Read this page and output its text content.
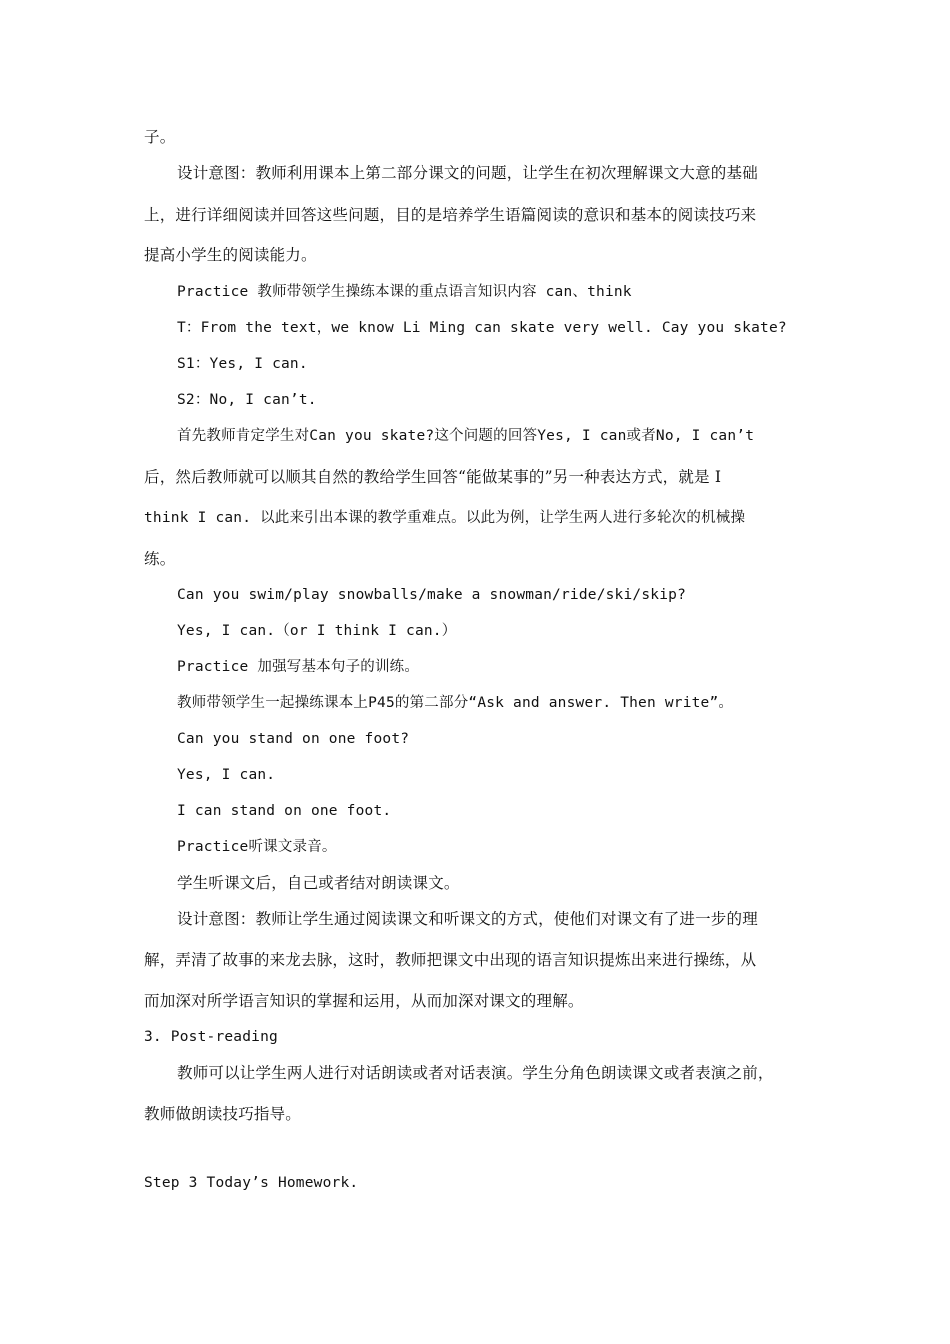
子。
设计意图：教师利用课本上第二部分课文的问题，让学生在初次理解课文大意的基础
上，进行详细阅读并回答这些问题，目的是培养学生语篇阅读的意识和基本的阅读技巧来
提高小学生的阅读能力。
Practice 教师带领学生操练本课的重点语言知识内容 can、think
T：From the text，we know Li Ming can skate very well. Cay you skate?
S1：Yes, I can.
S2：No, I can’t.
首先教师肯定学生对Can you skate?这个问题的回答Yes, I can或者No, I can’t
后，然后教师就可以顺其自然的教给学生回答“能做某事的”另一种表达方式，就是 I
think I can. 以此来引出本课的教学重难点。以此为例，让学生两人进行多轮次的机械操
练。
Can you swim/play snowballs/make a snowman/ride/ski/skip?
Yes, I can.（or I think I can.）
Practice 加强写基本句子的训练。
教师带领学生一起操练课本上P45的第二部分“Ask and answer. Then write”。
Can you stand on one foot?
Yes, I can.
I can stand on one foot.
Practice听课文录音。
学生听课文后，自己或者结对朗读课文。
设计意图：教师让学生通过阅读课文和听课文的方式，使他们对课文有了进一步的理
解，弄清了故事的来龙去脉，这时，教师把课文中出现的语言知识提炼出来进行操练，从
而加深对所学语言知识的掌握和运用，从而加深对课文的理解。
3. Post-reading
教师可以让学生两人进行对话朗读或者对话表演。学生分角色朗读课文或者表演之前，
教师做朗读技巧指导。
Step 3 Today’s Homework.
